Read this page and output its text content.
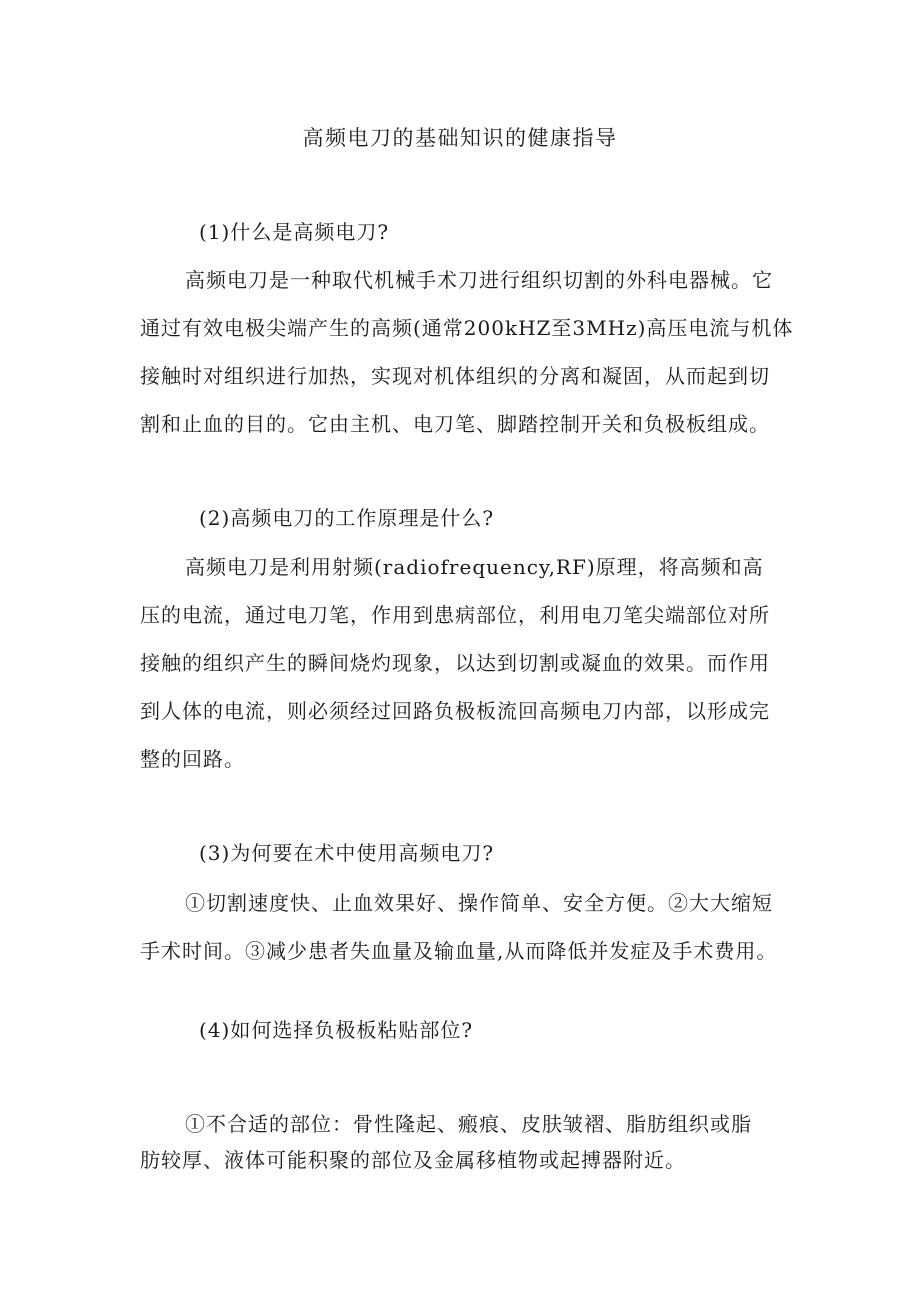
高频电刀的基础知识的健康指导
(1)什么是高频电刀?
高频电刀是一种取代机械手术刀进行组织切割的外科电器械。它
通过有效电极尖端产生的高频(通常200kHZ至3MHz)高压电流与机体
接触时对组织进行加热，实现对机体组织的分离和凝固，从而起到切
割和止血的目的。它由主机、电刀笔、脚踏控制开关和负极板组成。
(2)高频电刀的工作原理是什么?
高频电刀是利用射频(radiofrequency,RF)原理，将高频和高
压的电流，通过电刀笔，作用到患病部位，利用电刀笔尖端部位对所
接触的组织产生的瞬间烧灼现象，以达到切割或凝血的效果。而作用
到人体的电流，则必须经过回路负极板流回高频电刀内部，以形成完
整的回路。
(3)为何要在术中使用高频电刀?
①切割速度快、止血效果好、操作简单、安全方便。②大大缩短
手术时间。③减少患者失血量及输血量,从而降低并发症及手术费用。
(4)如何选择负极板粘贴部位?
①不合适的部位：骨性隆起、瘢痕、皮肤皱褶、脂肪组织或脂
肪较厚、液体可能积聚的部位及金属移植物或起搏器附近。
